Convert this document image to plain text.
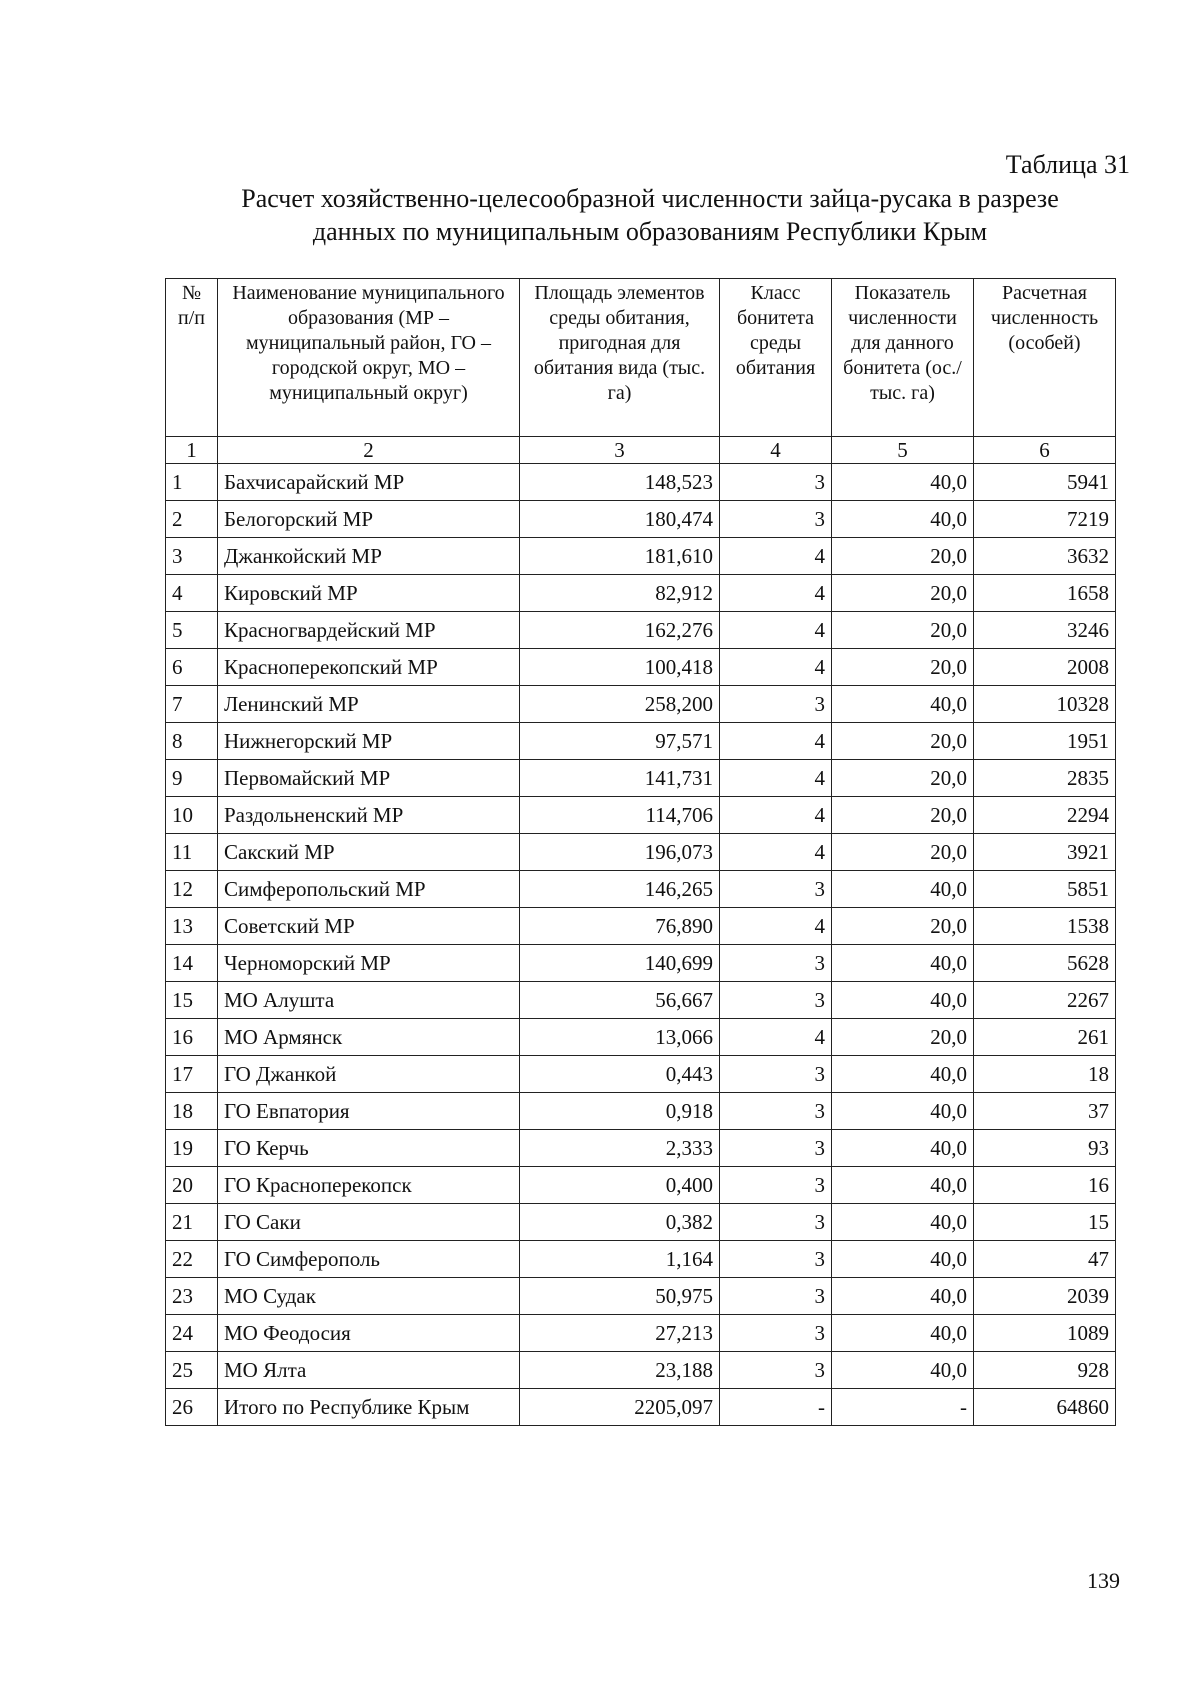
Таблица 31
Расчет хозяйственно-целесообразной численности зайца-русака в разрезе
данных по муниципальным образованиям Республики Крым
№ п/п	Наименование муниципального образования (МР – муниципальный район, ГО – городской округ, МО – муниципальный округ)	Площадь элементов среды обитания, пригодная для обитания вида (тыс. га)	Класс бонитета среды обитания	Показатель численности для данного бонитета (ос./тыс. га)	Расчетная численность (особей)
1	2	3	4	5	6
1	Бахчисарайский МР	148,523	3	40,0	5941
2	Белогорский МР	180,474	3	40,0	7219
3	Джанкойский МР	181,610	4	20,0	3632
4	Кировский МР	82,912	4	20,0	1658
5	Красногвардейский МР	162,276	4	20,0	3246
6	Красноперекопский МР	100,418	4	20,0	2008
7	Ленинский МР	258,200	3	40,0	10328
8	Нижнегорский МР	97,571	4	20,0	1951
9	Первомайский МР	141,731	4	20,0	2835
10	Раздольненский МР	114,706	4	20,0	2294
11	Сакский МР	196,073	4	20,0	3921
12	Симферопольский МР	146,265	3	40,0	5851
13	Советский МР	76,890	4	20,0	1538
14	Черноморский МР	140,699	3	40,0	5628
15	МО Алушта	56,667	3	40,0	2267
16	МО Армянск	13,066	4	20,0	261
17	ГО Джанкой	0,443	3	40,0	18
18	ГО Евпатория	0,918	3	40,0	37
19	ГО Керчь	2,333	3	40,0	93
20	ГО Красноперекопск	0,400	3	40,0	16
21	ГО Саки	0,382	3	40,0	15
22	ГО Симферополь	1,164	3	40,0	47
23	МО Судак	50,975	3	40,0	2039
24	МО Феодосия	27,213	3	40,0	1089
25	МО Ялта	23,188	3	40,0	928
26	Итого по Республике Крым	2205,097	-	-	64860
139
